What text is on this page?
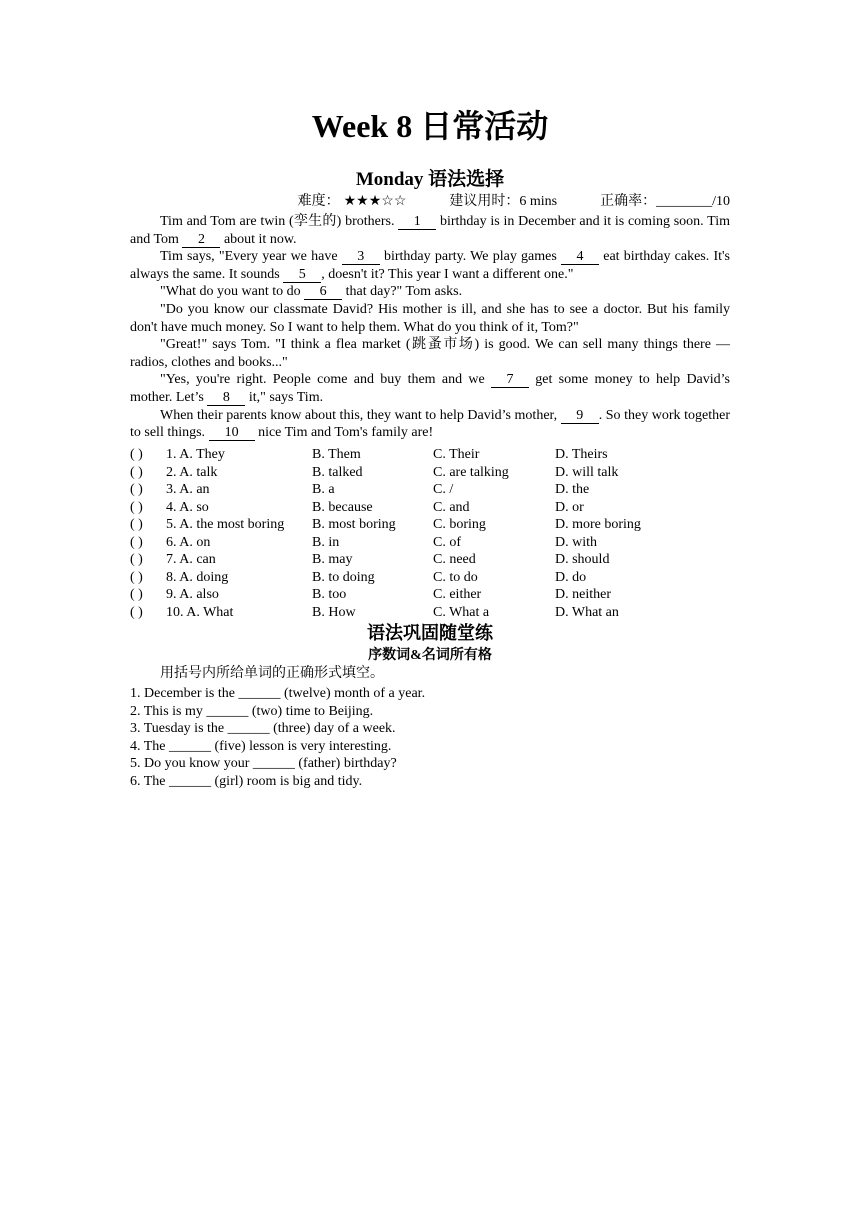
Week 8 日常活动
Monday 语法选择
难度： ★★★☆☆	建议用时：6 mins	正确率：________/10

Tim and Tom are twin (孪生的) brothers. 1 birthday is in December and it is coming soon. Tim and Tom 2 about it now.

Tim says, "Every year we have 3 birthday party. We play games 4 eat birthday cakes. It's always the same. It sounds 5 , doesn't it? This year I want a different one."

"What do you want to do 6 that day?" Tom asks.

"Do you know our classmate David? His mother is ill, and she has to see a doctor. But his family don't have much money. So I want to help them. What do you think of it, Tom?"

"Great!" says Tom. "I think a flea market (跳蚤市场) is good. We can sell many things there — radios, clothes and books..."

"Yes, you're right. People come and buy them and we 7 get some money to help David’s mother. Let’s 8 it," says Tim.

When their parents know about this, they want to help David’s mother, 9 . So they work together to sell things. 10 nice Tim and Tom's family are!

( ) 1. A. They	B. Them	C. Their	D. Theirs
( ) 2. A. talk	B. talked	C. are talking	D. will talk
( ) 3. A. an	B. a	C. /	D. the
( ) 4. A. so	B. because	C. and	D. or
( ) 5. A. the most boring B. most boring	C. boring	D. more boring
( ) 6. A. on	B. in	C. of	D. with
( ) 7. A. can	B. may	C. need	D. should
( ) 8. A. doing	B. to doing	C. to do	D. do
( ) 9. A. also	B. too	C. either	D. neither
( ) 10. A. What	B. How	C. What a	D. What an
语法巩固随堂练
序数词&名词所有格
用括号内所给单词的正确形式填空。
1. December is the ______ (twelve) month of a year.
2. This is my ______ (two) time to Beijing.
3. Tuesday is the ______ (three) day of a week.
4. The ______ (five) lesson is very interesting.
5. Do you know your ______ (father) birthday?
6. The ______ (girl) room is big and tidy.
